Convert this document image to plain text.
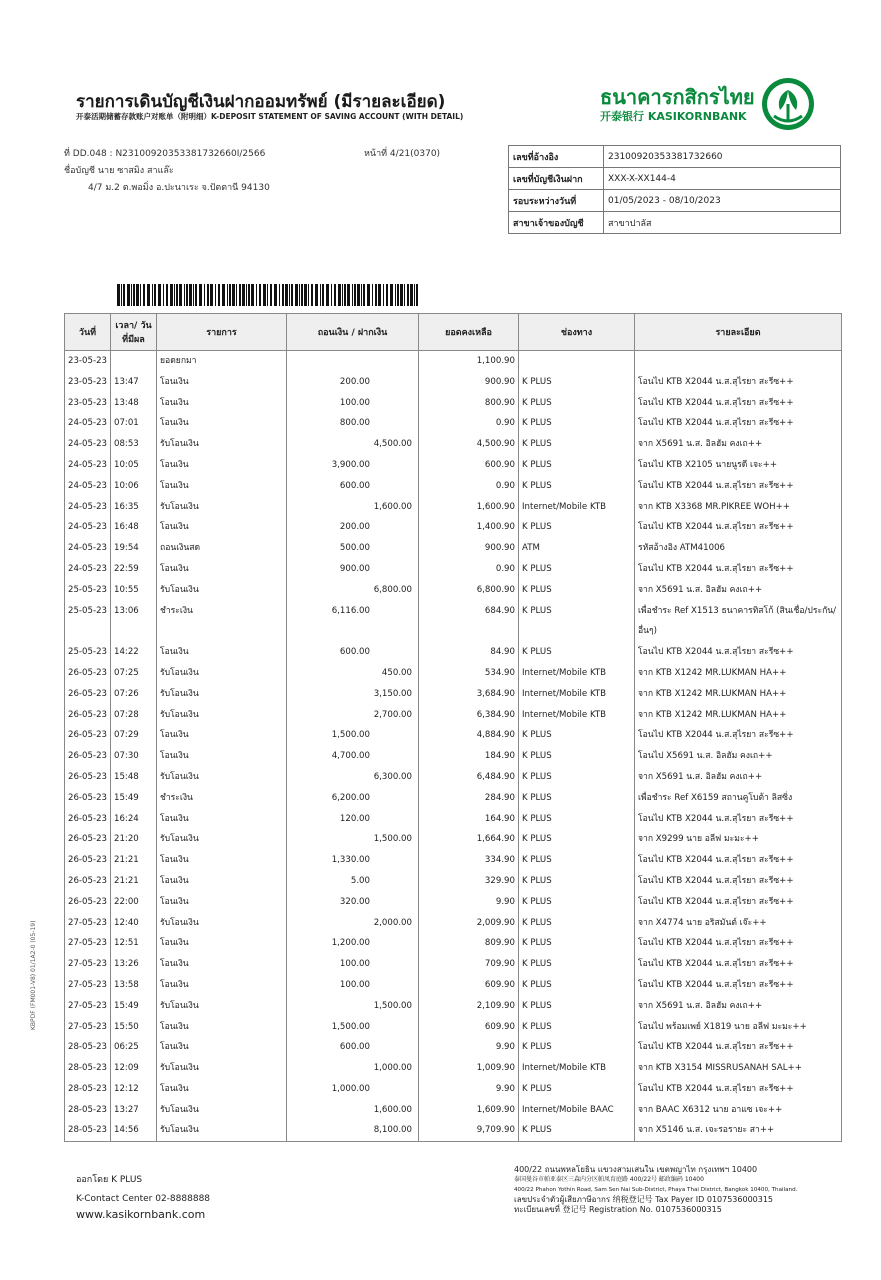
รายการเดินบัญชีเงินฝากออมทรัพย์ (มีรายละเอียด)
开泰活期储蓄存款账户对账单（附明细）K-DEPOSIT STATEMENT OF SAVING ACCOUNT (WITH DETAIL)
ธนาคารกสิกรไทย
开泰银行 KASIKORNBANK
ที่ DD.048 : N23100920353381732660I/2566
ชื่อบัญชี นาย ซาสมิง สาแล๊ะ
4/7 ม.2 ต.พอมิ่ง อ.ปะนาเระ จ.ปัตตานี 94130
หน้าที่ 4/21(0370)	เลขที่อ้างอิง	23100920353381732660
เลขที่บัญชีเงินฝาก	XXX-X-XX144-4
รอบระหว่างวันที่	01/05/2023 - 08/10/2023
สาขาเจ้าของบัญชี	สาขาปาลัส
วันที่	เวลา/ วันที่มีผล	รายการ	ถอนเงิน / ฝากเงิน	ยอดคงเหลือ	ช่องทาง	รายละเอียด
23-05-23		ยอดยกมา		1,100.90		
23-05-23	13:47	โอนเงิน	200.00	900.90	K PLUS	โอนไป KTB X2044 น.ส.สุไรยา สะรีซ++
23-05-23	13:48	โอนเงิน	100.00	800.90	K PLUS	โอนไป KTB X2044 น.ส.สุไรยา สะรีซ++
24-05-23	07:01	โอนเงิน	800.00	0.90	K PLUS	โอนไป KTB X2044 น.ส.สุไรยา สะรีซ++
24-05-23	08:53	รับโอนเงิน	4,500.00	4,500.90	K PLUS	จาก X5691 น.ส. อิลฮัม คงเถ++
24-05-23	10:05	โอนเงิน	3,900.00	600.90	K PLUS	โอนไป KTB X2105 นายนูรดี เจะ++
24-05-23	10:06	โอนเงิน	600.00	0.90	K PLUS	โอนไป KTB X2044 น.ส.สุไรยา สะรีซ++
24-05-23	16:35	รับโอนเงิน	1,600.00	1,600.90	Internet/Mobile KTB	จาก KTB X3368 MR.PIKREE WOH++
24-05-23	16:48	โอนเงิน	200.00	1,400.90	K PLUS	โอนไป KTB X2044 น.ส.สุไรยา สะรีซ++
24-05-23	19:54	ถอนเงินสด	500.00	900.90	ATM	รหัสอ้างอิง ATM41006
24-05-23	22:59	โอนเงิน	900.00	0.90	K PLUS	โอนไป KTB X2044 น.ส.สุไรยา สะรีซ++
25-05-23	10:55	รับโอนเงิน	6,800.00	6,800.90	K PLUS	จาก X5691 น.ส. อิลฮัม คงเถ++
25-05-23	13:06	ชำระเงิน	6,116.00	684.90	K PLUS	เพื่อชำระ Ref X1513 ธนาคารทิสโก้ (สินเชื่อ/ประกัน/อื่นๆ)
25-05-23	14:22	โอนเงิน	600.00	84.90	K PLUS	โอนไป KTB X2044 น.ส.สุไรยา สะรีซ++
26-05-23	07:25	รับโอนเงิน	450.00	534.90	Internet/Mobile KTB	จาก KTB X1242 MR.LUKMAN HA++
26-05-23	07:26	รับโอนเงิน	3,150.00	3,684.90	Internet/Mobile KTB	จาก KTB X1242 MR.LUKMAN HA++
26-05-23	07:28	รับโอนเงิน	2,700.00	6,384.90	Internet/Mobile KTB	จาก KTB X1242 MR.LUKMAN HA++
26-05-23	07:29	โอนเงิน	1,500.00	4,884.90	K PLUS	โอนไป KTB X2044 น.ส.สุไรยา สะรีซ++
26-05-23	07:30	โอนเงิน	4,700.00	184.90	K PLUS	โอนไป X5691 น.ส. อิลฮัม คงเถ++
26-05-23	15:48	รับโอนเงิน	6,300.00	6,484.90	K PLUS	จาก X5691 น.ส. อิลฮัม คงเถ++
26-05-23	15:49	ชำระเงิน	6,200.00	284.90	K PLUS	เพื่อชำระ Ref X6159 สถานคูโบต้า ลิสซิ่ง
26-05-23	16:24	โอนเงิน	120.00	164.90	K PLUS	โอนไป KTB X2044 น.ส.สุไรยา สะรีซ++
26-05-23	21:20	รับโอนเงิน	1,500.00	1,664.90	K PLUS	จาก X9299 นาย อลีฟ มะมะ++
26-05-23	21:21	โอนเงิน	1,330.00	334.90	K PLUS	โอนไป KTB X2044 น.ส.สุไรยา สะรีซ++
26-05-23	21:21	โอนเงิน	5.00	329.90	K PLUS	โอนไป KTB X2044 น.ส.สุไรยา สะรีซ++
26-05-23	22:00	โอนเงิน	320.00	9.90	K PLUS	โอนไป KTB X2044 น.ส.สุไรยา สะรีซ++
27-05-23	12:40	รับโอนเงิน	2,000.00	2,009.90	K PLUS	จาก X4774 นาย อริสมันต์ เจ๊ะ++
27-05-23	12:51	โอนเงิน	1,200.00	809.90	K PLUS	โอนไป KTB X2044 น.ส.สุไรยา สะรีซ++
27-05-23	13:26	โอนเงิน	100.00	709.90	K PLUS	โอนไป KTB X2044 น.ส.สุไรยา สะรีซ++
27-05-23	13:58	โอนเงิน	100.00	609.90	K PLUS	โอนไป KTB X2044 น.ส.สุไรยา สะรีซ++
27-05-23	15:49	รับโอนเงิน	1,500.00	2,109.90	K PLUS	จาก X5691 น.ส. อิลฮัม คงเถ++
27-05-23	15:50	โอนเงิน	1,500.00	609.90	K PLUS	โอนไป พร้อมเพย์ X1819 นาย อลีฟ มะมะ++
28-05-23	06:25	โอนเงิน	600.00	9.90	K PLUS	โอนไป KTB X2044 น.ส.สุไรยา สะรีซ++
28-05-23	12:09	รับโอนเงิน	1,000.00	1,009.90	Internet/Mobile KTB	จาก KTB X3154 MISSRUSANAH SAL++
28-05-23	12:12	โอนเงิน	1,000.00	9.90	K PLUS	โอนไป KTB X2044 น.ส.สุไรยา สะรีซ++
28-05-23	13:27	รับโอนเงิน	1,600.00	1,609.90	Internet/Mobile BAAC	จาก BAAC X6312 นาย อาแซ เจะ++
28-05-23	14:56	รับโอนเงิน	8,100.00	9,709.90	K PLUS	จาก X5146 น.ส. เจะรอรายะ สา++
KBPDF (FM001-V8) 01/1A2-0 (05-19)
ออกโดย K PLUS
K-Contact Center 02-8888888
www.kasikornbank.com
400/22 ถนนพหลโยธิน แขวงสามเสนใน เขตพญาไท กรุงเทพฯ 10400
泰国曼谷市帕亚泰区三森内分区帕凤育庭路 400/22号 邮政编码 10400
400/22 Phahon Yothin Road, Sam Sen Nai Sub-District, Phaya Thai District, Bangkok 10400, Thailand.
เลขประจำตัวผู้เสียภาษีอากร 纳税登记号 Tax Payer ID 0107536000315
ทะเบียนเลขที่ 登记号 Registration No. 0107536000315
